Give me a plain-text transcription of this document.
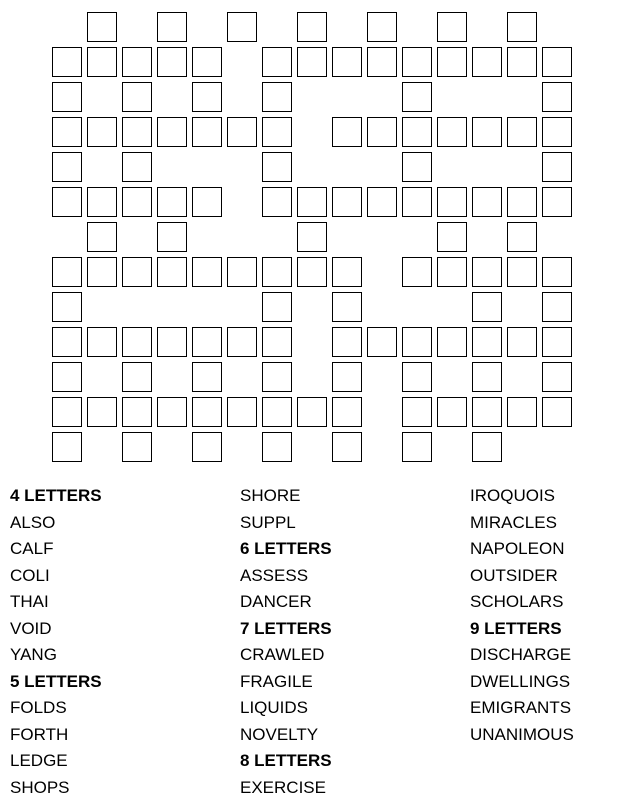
4 LETTERS
ALSO
CALF
COLI
THAI
VOID
YANG
5 LETTERS
FOLDS
FORTH
LEDGE
SHOPS
SHORE
SUPPL
6 LETTERS
ASSESS
DANCER
7 LETTERS
CRAWLED
FRAGILE
LIQUIDS
NOVELTY
8 LETTERS
EXERCISE
IROQUOIS
MIRACLES
NAPOLEON
OUTSIDER
SCHOLARS
9 LETTERS
DISCHARGE
DWELLINGS
EMIGRANTS
UNANIMOUS
